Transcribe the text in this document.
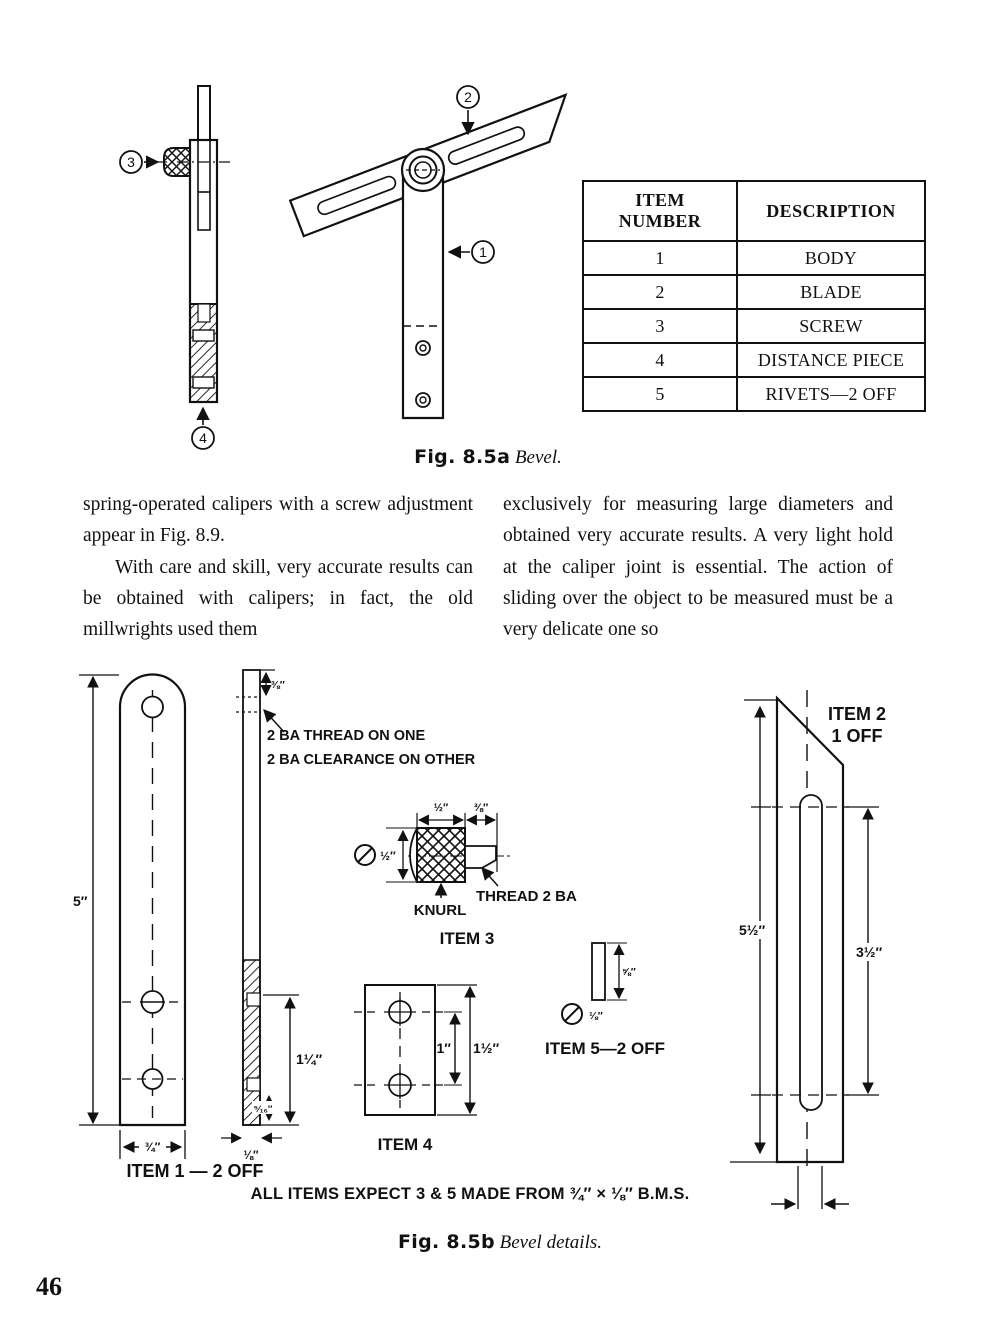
3
4
2
1
ITEM NUMBER	DESCRIPTION
1	BODY
2	BLADE
3	SCREW
4	DISTANCE PIECE
5	RIVETS—2 OFF
Fig. 8.5a Bevel.

spring-operated calipers with a screw adjustment appear in Fig. 8.9.

With care and skill, very accurate results can be obtained with calipers; in fact, the old millwrights used them

exclusively for measuring large diameters and obtained very accurate results. A very light hold at the caliper joint is essential. The action of sliding over the object to be measured must be a very delicate one so

5″
¾″
ITEM 1 — 2 OFF
⅜″
2 BA THREAD ON ONE
2 BA CLEARANCE ON OTHER
1¼″
⁵⁄₁₆″
⅛″
½″ ⅜″
½″
KNURL
THREAD 2 BA
ITEM 3
1″ 1½″
ITEM 4
⅝″
⅛″
ITEM 5—2 OFF
5½″
3½″
ITEM 2
1 OFF
ALL ITEMS EXPECT 3 & 5 MADE FROM ¾″ × ⅛″ B.M.S.
Fig. 8.5b Bevel details.
46
